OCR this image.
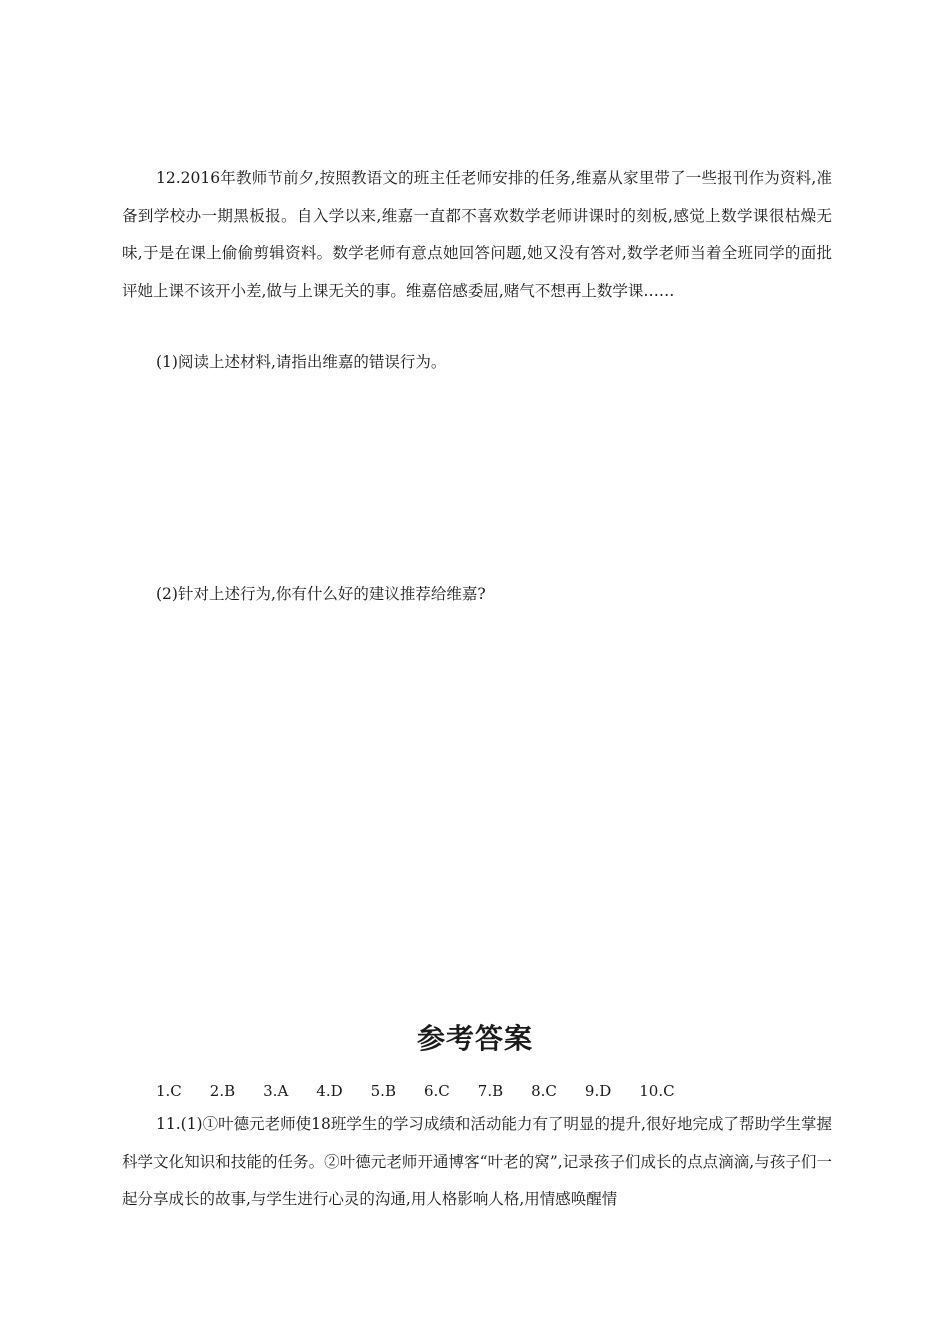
12.2016年教师节前夕,按照教语文的班主任老师安排的任务,维嘉从家里带了一些报刊作为资料,准备到学校办一期黑板报。自入学以来,维嘉一直都不喜欢数学老师讲课时的刻板,感觉上数学课很枯燥无味,于是在课上偷偷剪辑资料。数学老师有意点她回答问题,她又没有答对,数学老师当着全班同学的面批评她上课不该开小差,做与上课无关的事。维嘉倍感委屈,赌气不想再上数学课……

(1)阅读上述材料,请指出维嘉的错误行为。

(2)针对上述行为,你有什么好的建议推荐给维嘉?

参考答案
1.C 2.B 3.A 4.D 5.B 6.C 7.B 8.C 9.D 10.C

11.(1)①叶德元老师使18班学生的学习成绩和活动能力有了明显的提升,很好地完成了帮助学生掌握科学文化知识和技能的任务。②叶德元老师开通博客“叶老的窝”,记录孩子们成长的点点滴滴,与孩子们一起分享成长的故事,与学生进行心灵的沟通,用人格影响人格,用情感唤醒情
